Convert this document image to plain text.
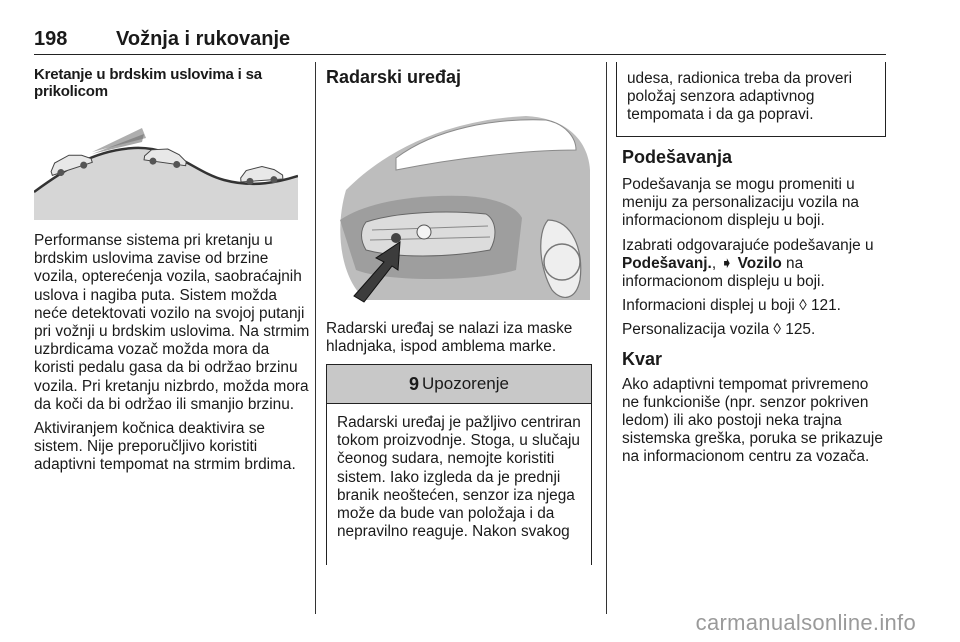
198 Vožnja i rukovanje
Kretanje u brdskim uslovima i sa prikolicom

Performanse sistema pri kretanju u brdskim uslovima zavise od brzine vozila, opterećenja vozila, saobraćajnih uslova i nagiba puta. Sistem možda neće detektovati vozilo na svojoj putanji pri vožnji u brdskim uslovima. Na strmim uzbrdicama vozač možda mora da koristi pedalu gasa da bi održao brzinu vozila. Pri kretanju nizbrdo, možda mora da koči da bi održao ili smanjio brzinu.

Aktiviranjem kočnica deaktivira se sistem. Nije preporučljivo koristiti adaptivni tempomat na strmim brdima.

Radarski uređaj

Radarski uređaj se nalazi iza maske hladnjaka, ispod amblema marke.

9 Upozorenje
Radarski uređaj je pažljivo centriran tokom proizvodnje. Stoga, u slučaju čeonog sudara, nemojte koristiti sistem. Iako izgleda da je prednji branik neoštećen, senzor iza njega može da bude van položaja i da nepravilno reaguje. Nakon svakog
udesa, radionica treba da proveri položaj senzora adaptivnog tempomata i da ga popravi.
Podešavanja

Podešavanja se mogu promeniti u meniju za personalizaciju vozila na informacionom displeju u boji.

Izabrati odgovarajuće podešavanje u Podešavanj., ➧ Vozilo na informacionom displeju u boji.

Informacioni displej u boji ◊ 121.

Personalizacija vozila ◊ 125.

Kvar

Ako adaptivni tempomat privremeno ne funkcioniše (npr. senzor pokriven ledom) ili ako postoji neka trajna sistemska greška, poruka se prikazuje na informacionom centru za vozača.

carmanualsonline.info
